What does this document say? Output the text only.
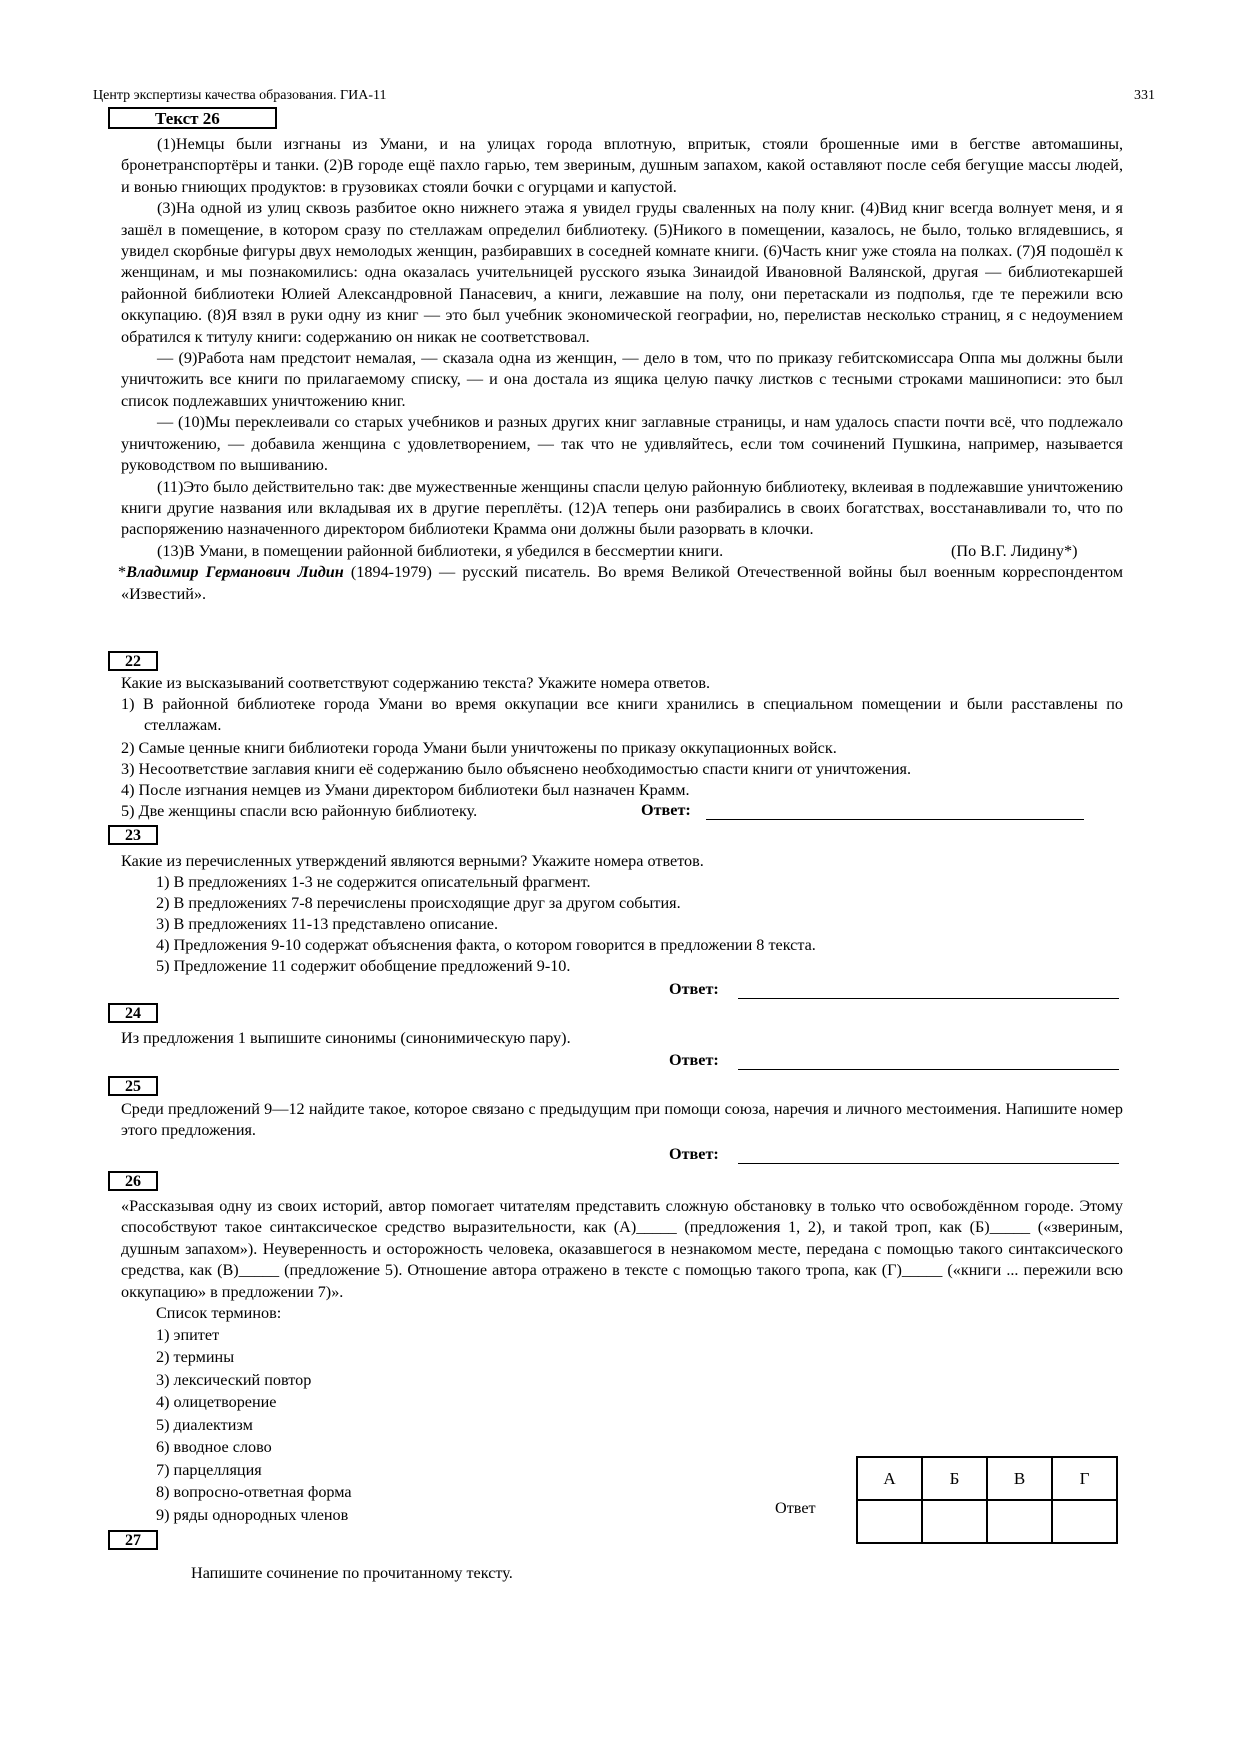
Центр экспертизы качества образования. ГИА-11	331
Текст 26

(1)Немцы были изгнаны из Умани, и на улицах города вплотную, впритык, стояли брошенные ими в бегстве автомашины, бронетранспортёры и танки. (2)В городе ещё пахло гарью, тем звериным, душным запахом, какой оставляют после себя бегущие массы людей, и вонью гниющих продуктов: в грузовиках стояли бочки с огурцами и капустой.

(3)На одной из улиц сквозь разбитое окно нижнего этажа я увидел груды сваленных на полу книг. (4)Вид книг всегда волнует меня, и я зашёл в помещение, в котором сразу по стеллажам определил библиотеку. (5)Никого в помещении, казалось, не было, только вглядевшись, я увидел скорбные фигуры двух немолодых женщин, разбиравших в соседней комнате книги. (6)Часть книг уже стояла на полках. (7)Я подошёл к женщинам, и мы познакомились: одна оказалась учительницей русского языка Зинаидой Ивановной Валянской, другая — библиотекаршей районной библиотеки Юлией Александровной Панасевич, а книги, лежавшие на полу, они перетаскали из подполья, где те пережили всю оккупацию. (8)Я взял в руки одну из книг — это был учебник экономической географии, но, перелистав несколько страниц, я с недоумением обратился к титулу книги: содержанию он никак не соответствовал.

— (9)Работа нам предстоит немалая, — сказала одна из женщин, — дело в том, что по приказу гебитскомиссара Оппа мы должны были уничтожить все книги по прилагаемому списку, — и она достала из ящика целую пачку листков с тесными строками машинописи: это был список подлежавших уничтожению книг.

— (10)Мы переклеивали со старых учебников и разных других книг заглавные страницы, и нам удалось спасти почти всё, что подлежало уничтожению, — добавила женщина с удовлетворением, — так что не удивляйтесь, если том сочинений Пушкина, например, называется руководством по вышиванию.

(11)Это было действительно так: две мужественные женщины спасли целую районную библиотеку, вклеивая в подлежавшие уничтожению книги другие названия или вкладывая их в другие переплёты. (12)А теперь они разбирались в своих богатствах, восстанавливали то, что по распоряжению назначенного директором библиотеки Крамма они должны были разорвать в клочки.

(13)В Умани, в помещении районной библиотеки, я убедился в бессмертии книги.	(По В.Г. Лидину*)

*Владимир Германович Лидин (1894-1979) — русский писатель. Во время Великой Отечественной войны был военным корреспондентом «Известий».

22
Какие из высказываний соответствуют содержанию текста? Укажите номера ответов.
1) В районной библиотеке города Умани во время оккупации все книги хранились в специальном помещении и были расставлены по стеллажам.
2) Самые ценные книги библиотеки города Умани были уничтожены по приказу оккупационных войск.
3) Несоответствие заглавия книги её содержанию было объяснено необходимостью спасти книги от уничтожения.
4) После изгнания немцев из Умани директором библиотеки был назначен Крамм.
5) Две женщины спасли всю районную библиотеку.	Ответ:
23
Какие из перечисленных утверждений являются верными? Укажите номера ответов.
1) В предложениях 1-3 не содержится описательный фрагмент.
2) В предложениях 7-8 перечислены происходящие друг за другом события.
3) В предложениях 11-13 представлено описание.
4) Предложения 9-10 содержат объяснения факта, о котором говорится в предложении 8 текста.
5) Предложение 11 содержит обобщение предложений 9-10.
Ответ:
24
Из предложения 1 выпишите синонимы (синонимическую пару).
Ответ:
25
Среди предложений 9—12 найдите такое, которое связано с предыдущим при помощи союза, наречия и личного местоимения. Напишите номер этого предложения.
Ответ:
26
«Рассказывая одну из своих историй, автор помогает читателям представить сложную обстановку в только что освобождённом городе. Этому способствуют такое синтаксическое средство выразительности, как (А)_____ (предложения 1, 2), и такой троп, как (Б)_____ («звериным, душным запахом»). Неуверенность и осторожность человека, оказавшегося в незнакомом месте, передана с помощью такого синтаксического средства, как (В)_____ (предложение 5). Отношение автора отражено в тексте с помощью такого тропа, как (Г)_____ («книги ... пережили всю оккупацию» в предложении 7)».
Список терминов:
1) эпитет
2) термины
3) лексический повтор
4) олицетворение
5) диалектизм
6) вводное слово
7) парцелляция
8) вопросно-ответная форма
9) ряды однородных членов	Ответ
А	Б	В	Г

27
Напишите сочинение по прочитанному тексту.
